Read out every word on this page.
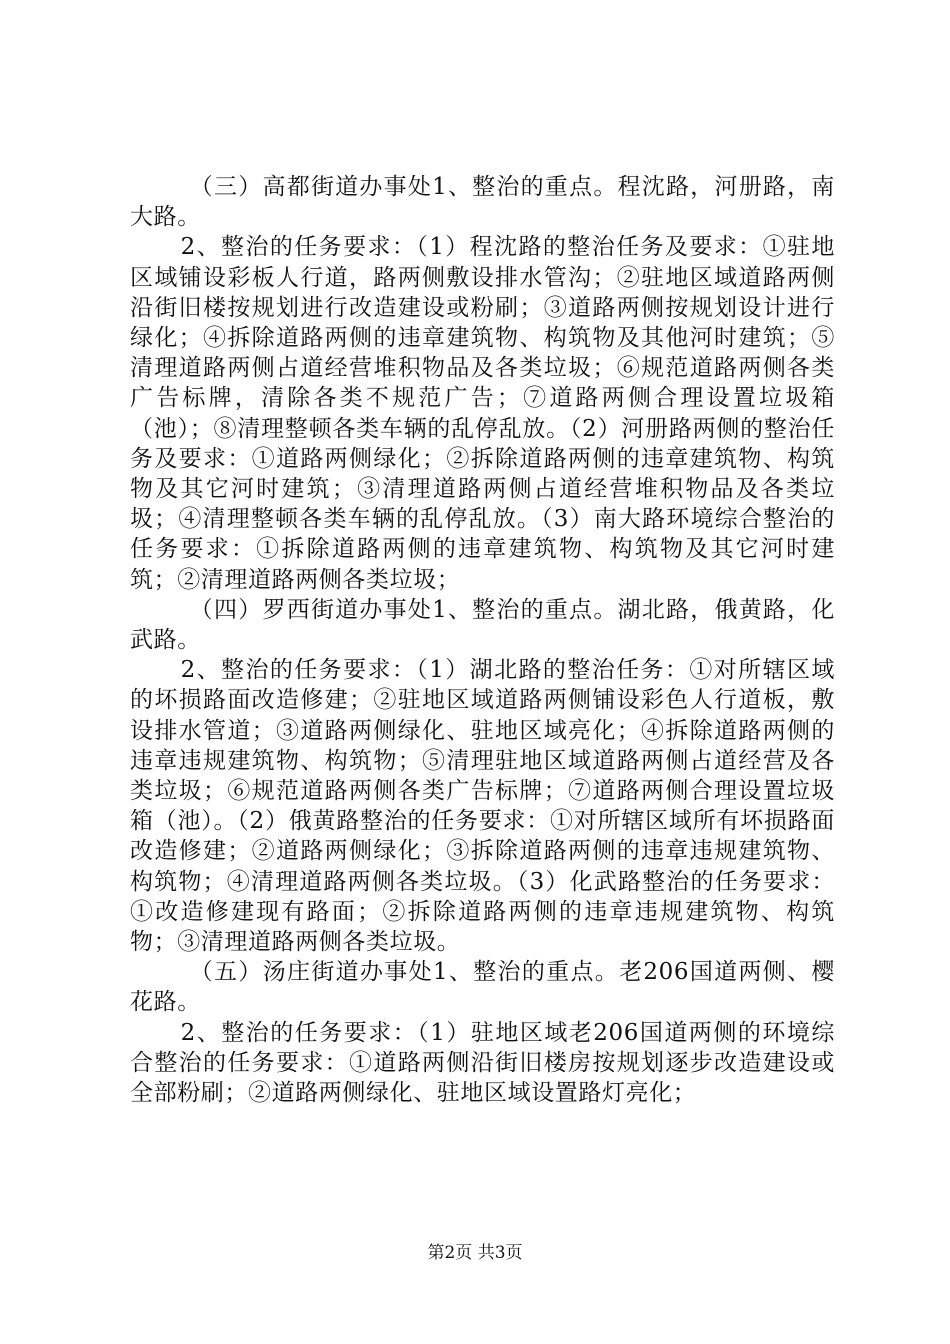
（三）高都街道办事处1、整治的重点。程沈路，河册路，南大路。

2、整治的任务要求：（1）程沈路的整治任务及要求：①驻地区域铺设彩板人行道，路两侧敷设排水管沟；②驻地区域道路两侧沿街旧楼按规划进行改造建设或粉刷；③道路两侧按规划设计进行绿化；④拆除道路两侧的违章建筑物、构筑物及其他河时建筑；⑤清理道路两侧占道经营堆积物品及各类垃圾；⑥规范道路两侧各类广告标牌，清除各类不规范广告；⑦道路两侧合理设置垃圾箱（池）；⑧清理整顿各类车辆的乱停乱放。（2）河册路两侧的整治任务及要求：①道路两侧绿化；②拆除道路两侧的违章建筑物、构筑物及其它河时建筑；③清理道路两侧占道经营堆积物品及各类垃圾；④清理整顿各类车辆的乱停乱放。（3）南大路环境综合整治的任务要求：①拆除道路两侧的违章建筑物、构筑物及其它河时建筑；②清理道路两侧各类垃圾；

（四）罗西街道办事处1、整治的重点。湖北路，俄黄路，化武路。

2、整治的任务要求：（1）湖北路的整治任务：①对所辖区域的坏损路面改造修建；②驻地区域道路两侧铺设彩色人行道板，敷设排水管道；③道路两侧绿化、驻地区域亮化；④拆除道路两侧的违章违规建筑物、构筑物；⑤清理驻地区域道路两侧占道经营及各类垃圾；⑥规范道路两侧各类广告标牌；⑦道路两侧合理设置垃圾箱（池）。（2）俄黄路整治的任务要求：①对所辖区域所有坏损路面改造修建；②道路两侧绿化；③拆除道路两侧的违章违规建筑物、构筑物；④清理道路两侧各类垃圾。（3）化武路整治的任务要求：①改造修建现有路面；②拆除道路两侧的违章违规建筑物、构筑物；③清理道路两侧各类垃圾。

（五）汤庄街道办事处1、整治的重点。老206国道两侧、樱花路。

2、整治的任务要求：（1）驻地区域老206国道两侧的环境综合整治的任务要求：①道路两侧沿街旧楼房按规划逐步改造建设或全部粉刷；②道路两侧绿化、驻地区域设置路灯亮化；

第2页 共3页
